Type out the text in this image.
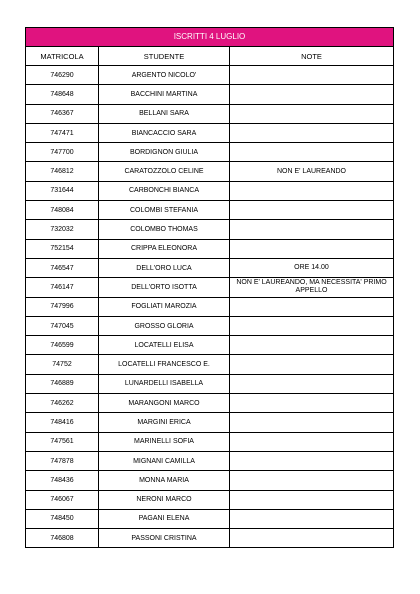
ISCRITTI 4 LUGLIO
MATRICOLA	STUDENTE	NOTE
746290	ARGENTO NICOLO'	
748648	BACCHINI MARTINA	
746367	BELLANI SARA	
747471	BIANCACCIO SARA	
747700	BORDIGNON GIULIA	
746812	CARATOZZOLO CELINE	NON E' LAUREANDO
731644	CARBONCHI BIANCA	
748084	COLOMBI STEFANIA	
732032	COLOMBO THOMAS	
752154	CRIPPA ELEONORA	
746547	DELL'ORO LUCA	ORE 14.00
746147	DELL'ORTO ISOTTA	NON E' LAUREANDO, MA NECESSITA' PRIMO APPELLO
747996	FOGLIATI MAROZIA	
747045	GROSSO GLORIA	
746599	LOCATELLI ELISA	
74752	LOCATELLI FRANCESCO E.	
746889	LUNARDELLI ISABELLA	
746262	MARANGONI MARCO	
748416	MARGINI ERICA	
747561	MARINELLI SOFIA	
747878	MIGNANI CAMILLA	
748436	MONNA MARIA	
746067	NERONI MARCO	
748450	PAGANI ELENA	
746808	PASSONI CRISTINA	
